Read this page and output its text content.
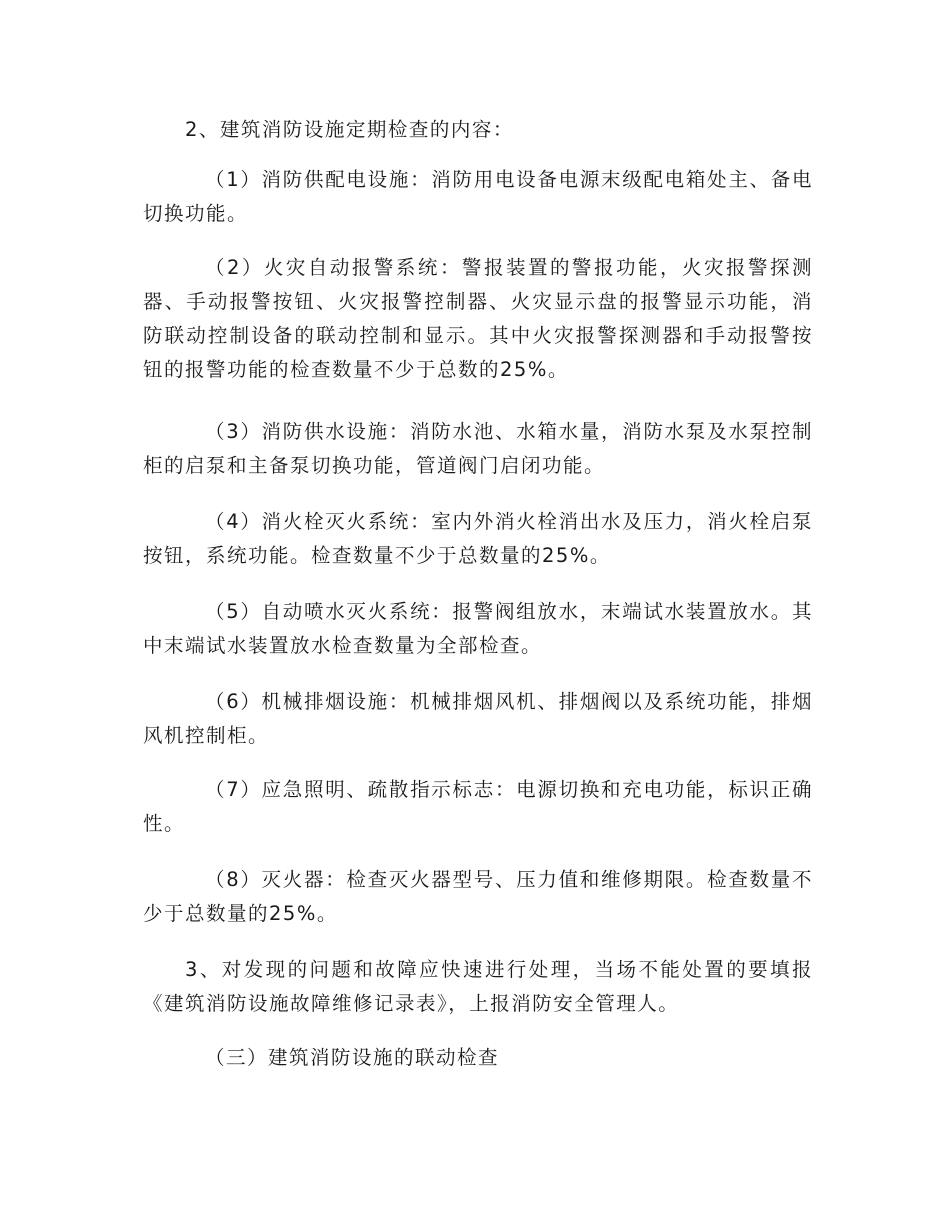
2、建筑消防设施定期检查的内容：

（1）消防供配电设施：消防用电设备电源末级配电箱处主、备电切换功能。

（2）火灾自动报警系统：警报装置的警报功能，火灾报警探测器、手动报警按钮、火灾报警控制器、火灾显示盘的报警显示功能，消防联动控制设备的联动控制和显示。其中火灾报警探测器和手动报警按钮的报警功能的检查数量不少于总数的25%。

（3）消防供水设施：消防水池、水箱水量，消防水泵及水泵控制柜的启泵和主备泵切换功能，管道阀门启闭功能。

（4）消火栓灭火系统：室内外消火栓消出水及压力，消火栓启泵按钮，系统功能。检查数量不少于总数量的25%。

（5）自动喷水灭火系统：报警阀组放水，末端试水装置放水。其中末端试水装置放水检查数量为全部检查。

（6）机械排烟设施：机械排烟风机、排烟阀以及系统功能，排烟风机控制柜。

（7）应急照明、疏散指示标志：电源切换和充电功能，标识正确性。

（8）灭火器：检查灭火器型号、压力值和维修期限。检查数量不少于总数量的25%。

3、对发现的问题和故障应快速进行处理，当场不能处置的要填报《建筑消防设施故障维修记录表》，上报消防安全管理人。

（三）建筑消防设施的联动检查
